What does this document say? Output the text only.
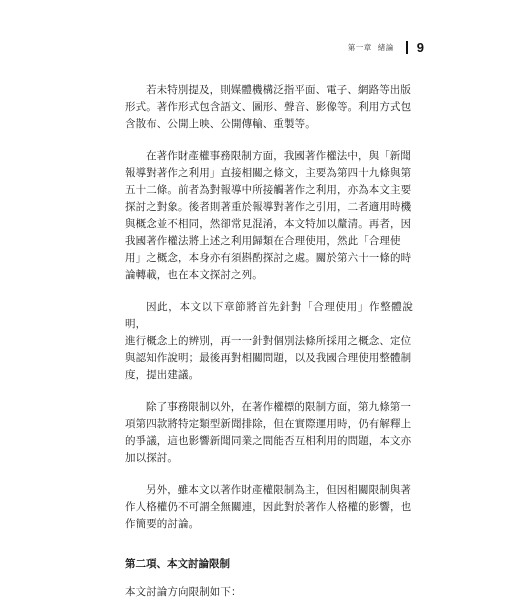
第一章 緒論 9

若未特別提及，則媒體機構泛指平面、電子、網路等出版
形式。著作形式包含語文、圖形、聲音、影像等。利用方式包
含散布、公開上映、公開傳輸、重製等。

在著作財產權事務限制方面，我國著作權法中，與「新聞
報導對著作之利用」直接相關之條文，主要為第四十九條與第
五十二條。前者為對報導中所接觸著作之利用，亦為本文主要
探討之對象。後者則著重於報導對著作之引用，二者適用時機
與概念並不相同，然卻常見混淆，本文特加以釐清。再者，因
我國著作權法將上述之利用歸類在合理使用，然此「合理使
用」之概念，本身亦有須斟酌探討之處。關於第六十一條的時
論轉載，也在本文探討之列。

因此，本文以下章節將首先針對「合理使用」作整體說明，
進行概念上的辨別，再一一針對個別法條所採用之概念、定位
與認知作說明；最後再對相關問題，以及我國合理使用整體制
度，提出建議。

除了事務限制以外，在著作權標的限制方面，第九條第一
項第四款將特定類型新聞排除，但在實際運用時，仍有解釋上
的爭議，這也影響新聞同業之間能否互相利用的問題，本文亦
加以探討。

另外，雖本文以著作財產權限制為主，但因相關限制與著
作人格權仍不可謂全無關連，因此對於著作人格權的影響，也
作簡要的討論。

第二項、本文討論限制

本文討論方向限制如下：
